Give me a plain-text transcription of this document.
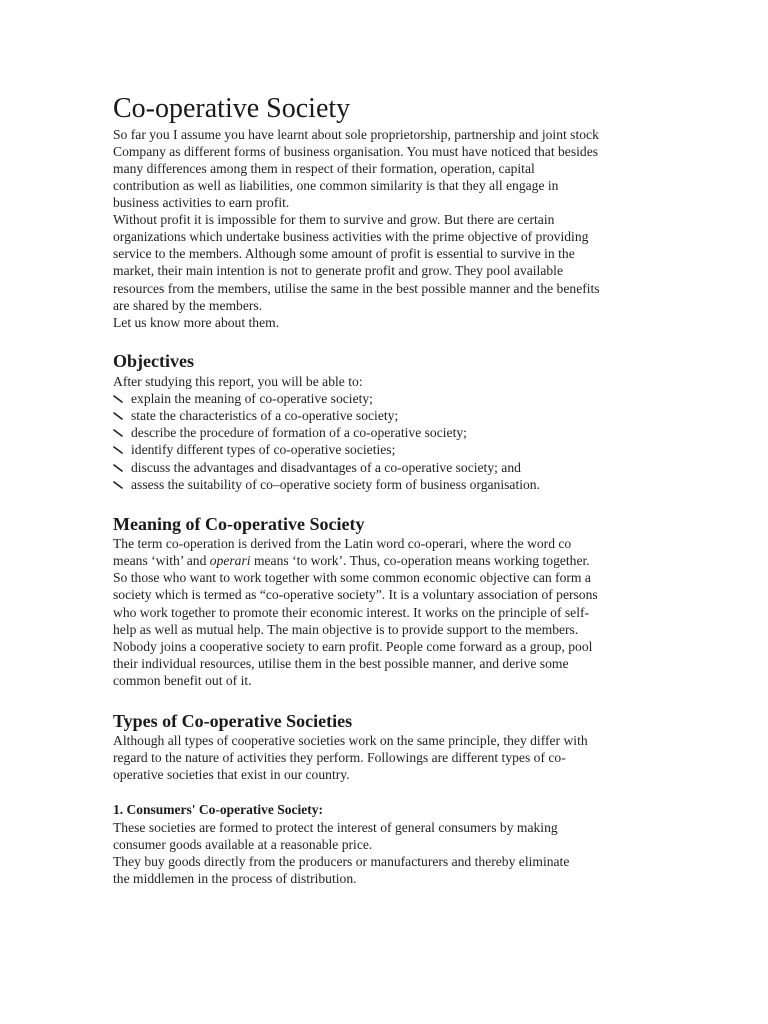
Co-operative Society
So far you I assume you have learnt about sole proprietorship, partnership and joint stock
Company as different forms of business organisation. You must have noticed that besides
many differences among them in respect of their formation, operation, capital
contribution as well as liabilities, one common similarity is that they all engage in
business activities to earn profit.
Without profit it is impossible for them to survive and grow. But there are certain
organizations which undertake business activities with the prime objective of providing
service to the members. Although some amount of profit is essential to survive in the
market, their main intention is not to generate profit and grow. They pool available
resources from the members, utilise the same in the best possible manner and the benefits
are shared by the members.
Let us know more about them.
Objectives
After studying this report, you will be able to:
explain the meaning of co-operative society;
state the characteristics of a co-operative society;
describe the procedure of formation of a co-operative society;
identify different types of co-operative societies;
discuss the advantages and disadvantages of a co-operative society; and
assess the suitability of co–operative society form of business organisation.
Meaning of Co-operative Society
The term co-operation is derived from the Latin word co-operari, where the word co
means ‘with’ and operari means ‘to work’. Thus, co-operation means working together.
So those who want to work together with some common economic objective can form a
society which is termed as “co-operative society”. It is a voluntary association of persons
who work together to promote their economic interest. It works on the principle of self-
help as well as mutual help. The main objective is to provide support to the members.
Nobody joins a cooperative society to earn profit. People come forward as a group, pool
their individual resources, utilise them in the best possible manner, and derive some
common benefit out of it.
Types of Co-operative Societies
Although all types of cooperative societies work on the same principle, they differ with
regard to the nature of activities they perform. Followings are different types of co-
operative societies that exist in our country.
1. Consumers' Co-operative Society:
These societies are formed to protect the interest of general consumers by making
consumer goods available at a reasonable price.
They buy goods directly from the producers or manufacturers and thereby eliminate
the middlemen in the process of distribution.
